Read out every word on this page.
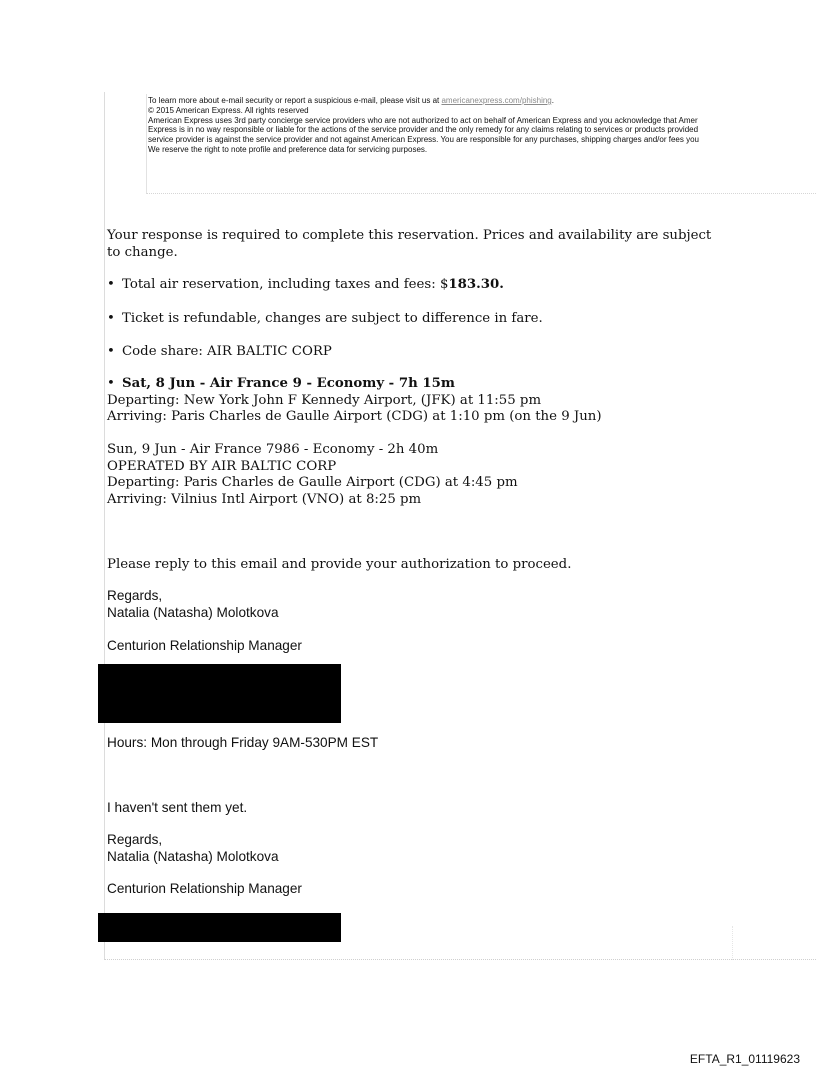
To learn more about e-mail security or report a suspicious e-mail, please visit us at americanexpress.com/phishing.
© 2015 American Express. All rights reserved
American Express uses 3rd party concierge service providers who are not authorized to act on behalf of American Express and you acknowledge that Amer
Express is in no way responsible or liable for the actions of the service provider and the only remedy for any claims relating to services or products provided
service provider is against the service provider and not against American Express. You are responsible for any purchases, shipping charges and/or fees you
We reserve the right to note profile and preference data for servicing purposes.
Your response is required to complete this reservation. Prices and availability are subject
to change.
• Total air reservation, including taxes and fees: $183.30.
• Ticket is refundable, changes are subject to difference in fare.
• Code share: AIR BALTIC CORP
• Sat, 8 Jun - Air France 9 - Economy - 7h 15m
Departing: New York John F Kennedy Airport, (JFK) at 11:55 pm
Arriving: Paris Charles de Gaulle Airport (CDG) at 1:10 pm (on the 9 Jun)
Sun, 9 Jun - Air France 7986 - Economy - 2h 40m
OPERATED BY AIR BALTIC CORP
Departing: Paris Charles de Gaulle Airport (CDG) at 4:45 pm
Arriving: Vilnius Intl Airport (VNO) at 8:25 pm
Please reply to this email and provide your authorization to proceed.
Regards,
Natalia (Natasha) Molotkova
Centurion Relationship Manager
Hours: Mon through Friday 9AM-530PM EST
I haven't sent them yet.
Regards,
Natalia (Natasha) Molotkova
Centurion Relationship Manager
EFTA_R1_01119623
